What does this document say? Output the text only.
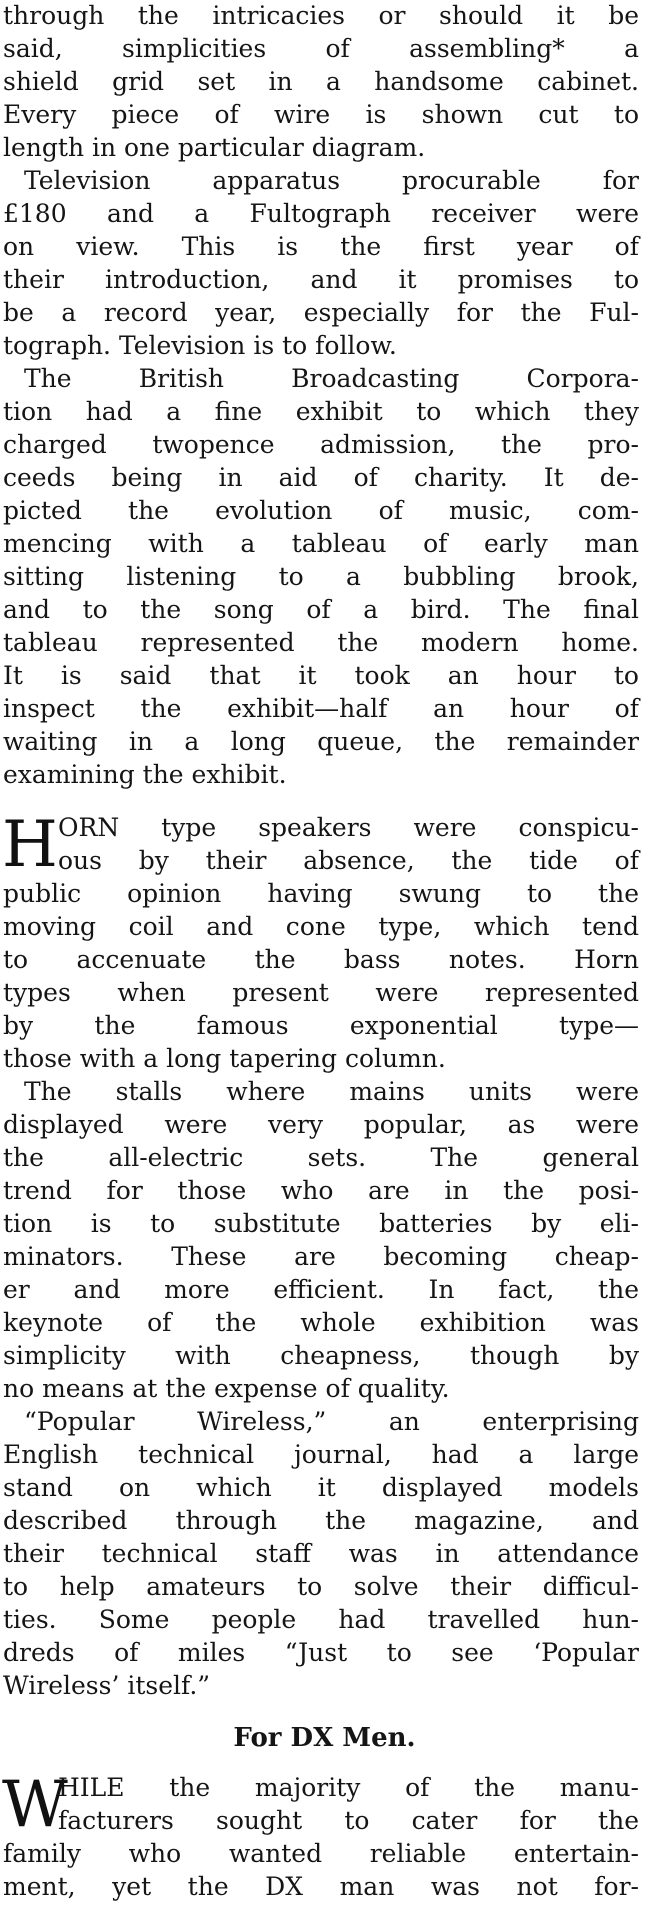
through the intricacies or should it be
said, simplicities of assembling* a
shield grid set in a handsome cabinet.
Every piece of wire is shown cut to
length in one particular diagram.
Television apparatus procurable for
£180 and a Fultograph receiver were
on view. This is the first year of
their introduction, and it promises to
be a record year, especially for the Ful-
tograph. Television is to follow.
The British Broadcasting Corpora-
tion had a fine exhibit to which they
charged twopence admission, the pro-
ceeds being in aid of charity. It de-
picted the evolution of music, com-
mencing with a tableau of early man
sitting listening to a bubbling brook,
and to the song of a bird. The final
tableau represented the modern home.
It is said that it took an hour to
inspect the exhibit—half an hour of
waiting in a long queue, the remainder
examining the exhibit.
H ORN type speakers were conspicu-
ous by their absence, the tide of
public opinion having swung to the
moving coil and cone type, which tend
to accenuate the bass notes. Horn
types when present were represented
by the famous exponential type—
those with a long tapering column.
The stalls where mains units were
displayed were very popular, as were
the all-electric sets. The general
trend for those who are in the posi-
tion is to substitute batteries by eli-
minators. These are becoming cheap-
er and more efficient. In fact, the
keynote of the whole exhibition was
simplicity with cheapness, though by
no means at the expense of quality.
“Popular Wireless,” an enterprising
English technical journal, had a large
stand on which it displayed models
described through the magazine, and
their technical staff was in attendance
to help amateurs to solve their difficul-
ties. Some people had travelled hun-
dreds of miles “Just to see ‘Popular
Wireless’ itself.”
For DX Men.
W
HILE the majority of the manu-
facturers sought to cater for the
family who wanted reliable entertain-
ment, yet the DX man was not for-
